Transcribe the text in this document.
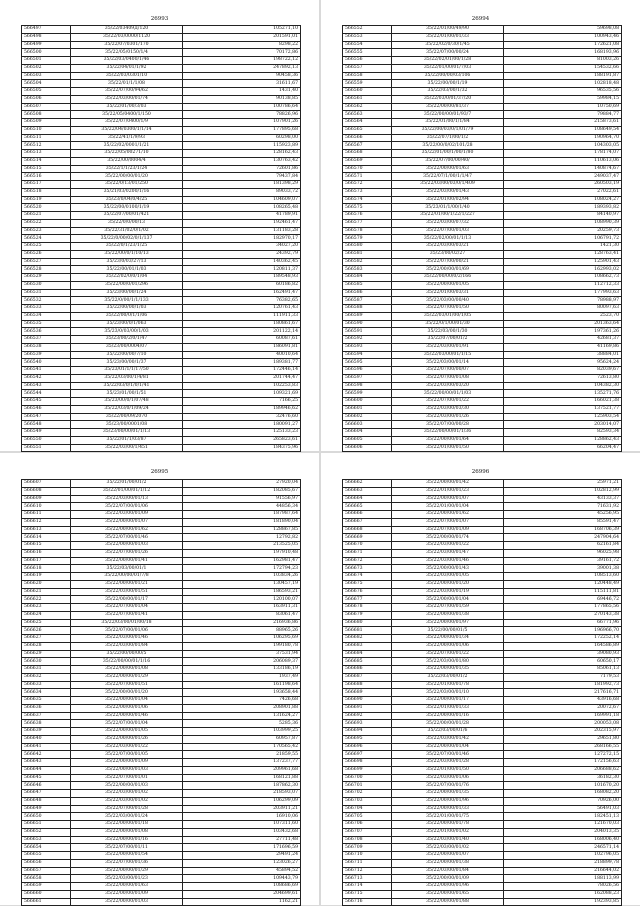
26993
566497	35/22/03409Д/120	105271,10
566498	35/22/03/0000/1120	201591,01
566499	35/22/07/0301/170	8298,22
566500	35/22/05/0150/1/4	70172,86
566501	35/22/03/0400/1/46	198722,12
566502	35/22/04/01/1/92	247892,13
566503	35/22/03/0301/10	90458,36
566504	35/22/01/1/1/08	31611,67
566505	35/22/07/00/94/62	1431,40
566506	35/22/03/00/01/74	90138,85
566507	35/22/01/00/3/03	100786,64
566508	35/22/05/0400/1/150	78826,96
566509	35/22/07/0400/1/9	107901,26
566510	35/22/04/0300/1/1/14	177895,68
566511	35/22/41/1/9/93	60298,00
566512	35/22/02/0001/1/21	115923,89
566513	35/22/05/00271/10	128162,43
566514	35/22/00/0004/4	130763,42
566515	35/22/1/1/23/1/24	72601,86
566516	35/22/00/00/01/20	79437,84
566517	35/22/0/13/01/250	181398,29
566518	35/21/03/0200/1/16	89033,72
566519	35/23/0/04/0/4/25	104609,07
566520	35/22/00/0100/1/19	108265,48
566521	35/22/07/00/01/421	41789,91
566522	35/22/0/0/00/13	192461,47
566523	35/22/31/02/0/1/02	131183,28
566524	35/22/0/00/02/0/1/137	182970,17
566525	35/22/0/1/23/1/25	34027,20
566526	35/22/00/0/1/10/13	24392,79
566527	35/23/0/03/27/13	140362,45
566528	35/22/00/01/1/03	120811,37
566529	35/22/02/0/0/1/04	189548,93
566530	35/22/00/0/01/296	60186,82
566531	35/23/00/00/1/24	162491,47
566532	35/22/0/00/1/1/133	76382,65
566533	35/22/00/00/1/03	120761,43
566534	35/22/00/0/1/1/06	111911,33
566535	35/23/00/0/1/063	180861,67
566536	35/23/0/03/00/1/03	201122,14
566537	35/23/00/2/0/1/47	60087,61
566538	35/23/00/0004/07	186091,81
566539	35/22/00/00/7/10	40010,64
566540	35/23/00/00/1/37	189381,77
566541	35/23/01/1/1/17/50	172446,14
566542	35/22/03/00/1/4/81	201744,47
566543	35/22/03/0/1/0/1/41	102253,83
566544	35/23/01/00/1/51	109321,69
566545	35/23/00/0/1/07/48	7166,25
566546	35/22/03/0/1/09/24	189946,62
566547	35/22/00/09/2070	32476,60
566548	35/23/00/0001/08	180091,27
566549	35/23/00/00/01/1/13	125133,23
566550	35/22/01/1/03/87	265823,61
566551	35/22/03/00/1/451	184375,96
26994
566552	35/22/01/00/49/90	59698,08
566553	35/22/01/00/01/33	100943,46
566554	35/22/02/0/30/1/45	172621,08
566555	35/22/07/00/00/24	168193,96
566556	35/22/02/01/00/1/28	81003,26
566557	35/22/01/00/01/7/03	154532,66
566558	35/22/00/00/03/106	188191,87
566559	35/22/00/00/1/19	102818,48
566560	35/22/03/00/1/32	96535,56
566561	35/22/03/0/01/37/20	59984,15
566562	35/22/00/00/81/37	10750,69
566563	35/22/00/00/01/93/7	79884,77
566564	35/22/01/00/1/1/84	215873,61
566565	35/22/00/03/0/1/01/79	108649,54
566566	35/22/07/1/00/1/2	190964,70
566567	35/22/00/0/02/101/28	104303,05
566568	35/22/01/00/1/00/1/80	178174,07
566569	35/22/07/00/00/40/	110613,06
566570	35/22/00/00/01/63	140874,67
566571	35/22/07/1/00/1/1/47	249037,47
566572	35/22/03/00/03/0/1/409	260503,19
566573	35/22/03/00/01/43	27022,61
566574	35/22/01/00/02/94	108024,27
566575	35/23/01/1/00/1/40	189393,82
566576	35/22/01/00/1/22/1/227	84140,97
566577	35/22/03/00/07/32	108990,39
566578	35/22/07/00/01/03	20259,73
566579	35/22/02/00/01/1/13	106791,72
566580	35/22/03/00/03/21	1421,30
566581	35/23/00/02/27	128763,41
566582	35/22/07/00/00/21	125901,43
566583	35/22/00/00/01/69	162993,02
566584	35/22/00/00/0/2/166	108662,73
566585	35/22/00/00/01/05	112712,33
566586	35/22/01/00/03/31	177993,63
566587	35/22/03/00/00/40	78988,97
566588	35/22/07/00/01/50	80097,63
566589	35/22/03/01/00/1/05	2523,70
566590	35/22/0/1/00/01/30	201363,64
566591	35/22/03/00/1/30	197361,26
566592	35/22/07/00/01/2	42681,37
566593	35/22/03/00/01/91	41169,86
566594	35/22/03/00/01/1/15	38884,01
566595	35/22/03/00/01/14	95624,24
566596	35/22/07/00/00/07	82039,67
566597	35/22/07/00/01/08	72613,80
566598	35/22/03/00/03/20	104382,30
566599	35/22/00/00/01/1/03	135271,76
566600	35/22/07/00/01/22	166021,38
566601	35/22/03/00/03/30	137521,77
566602	35/22/03/00/01/26	125903,54
566603	35/22/07/00/00/28	203014,07
566604	35/22/00/00/01/1/36	82593,34
566605	35/22/00/00/01/64	128862,43
566606	35/22/01/00/01/50	66204,47
26995
566607	35/22/01/00/01/2	27920,04
566608	35/22/01/00/01/1/12	182085,67
566609	35/22/03/00/01/13	91556,97
566610	35/22/07/00/01/06	44856,34
566611	35/22/03/00/01/09	187987,64
566612	35/22/00/00/01/07	181890,04
566613	35/22/00/00/01/62	128867,85
566614	35/22/07/00/01/46	12792,82
566615	35/22/00/00/01/03	213525,05
566616	35/22/07/00/01/26	197910,48
566617	35/22/00/00/01/41	162981,47
566618	35/22/03/00/01/1	172794,23
566619	35/22/00/00/01/7/8	103834,26
566620	35/22/00/00/01/21	130457,19
566621	35/22/03/00/01/51	186593,21
566622	35/22/00/00/01/17	120100,07
566623	35/22/07/00/01/04	163911,31
566624	35/22/07/00/01/41	83061,47
566625	35/22/03/00/01/00/18	216936,86
566626	35/22/07/00/01/06	88965,26
566627	35/22/03/00/01/46	106295,69
566628	35/22/03/00/01/84	199180,78
566629	35/22/00/00/00/5	37531,94
566630	35/22/00/00/01/1/16	206089,37
566631	35/22/00/00/01/08	133186,19
566632	35/22/00/00/01/29	1937,49
566633	35/22/07/00/01/51	161198,64
566634	35/22/00/00/01/20	193658,44
566635	35/22/00/00/01/04	7426,68
566636	35/22/00/00/01/06	208901,88
566637	35/22/00/00/01/46	131624,27
566638	35/22/07/00/01/04	5285,36
566639	35/22/00/00/01/05	103999,25
566640	35/22/00/00/01/26	60957,87
566641	35/22/03/00/01/22	170565,42
566642	35/22/07/00/01/05	21859,55
566643	35/22/00/00/01/09	137237,77
566644	35/22/00/00/01/03	209961,68
566645	35/22/07/00/01/01	168121,88
566646	35/22/00/00/01/03	187862,30
566647	35/22/03/00/01/02	218593,07
566648	35/22/03/00/01/02	106299,09
566649	35/22/07/00/01/28	203911,21
566650	35/22/03/00/01/24	16910,06
566651	35/22/00/00/01/18	107311,60
566652	35/22/00/00/01/08	103432,68
566653	35/22/00/00/01/16	27711,48
566654	35/22/07/00/01/11	171696,59
566655	35/22/00/00/01/54	29491,24
566656	35/22/07/00/01/36	123026,27
566657	35/22/00/00/01/29	45894,52
566658	35/22/03/00/01/23	109443,79
566659	35/22/00/00/01/63	108686,69
566660	35/22/00/00/01/09	204699,61
566661	35/22/00/00/01/03	1162,21
26996
566662	35/22/00/00/01/42	25971,21
566663	35/22/01/00/01/23	102812,99
566664	35/22/00/00/01/07	43133,37
566665	35/22/01/00/01/04	71631,92
566666	35/22/00/00/01/62	45256,95
566667	35/22/07/00/01/07	85591,47
566668	35/22/07/00/01/09	168706,39
566669	35/22/00/00/01/74	247904,64
566670	35/22/03/00/01/22	62161,84
566671	35/22/03/00/01/47	96025,98
566672	35/22/03/00/01/46	39161,72
566673	35/22/00/00/01/43	39001,38
566674	35/22/03/00/01/05	108513,60
566675	35/22/00/00/01/20	120448,49
566676	35/22/03/00/01/19	115111,81
566677	35/22/00/00/01/04	69446,72
566678	35/22/07/00/01/59	177865,56
566679	35/22/00/00/01/38	270143,38
566680	35/22/00/00/01/97	66771,96
566681	35/22/00/00/01/5	196966,70
566682	35/22/00/00/01/34	172252,14
566683	35/22/00/00/01/06	164586,89
566684	35/22/07/00/01/22	39080,93
566685	35/22/03/00/01/80	60650,17
566686	35/22/00/00/01/35	85061,13
566687	35/22/03/00/01/2	7179,53
566688	35/22/01/00/01/78	181992,73
566689	35/22/03/00/01/10	217616,71
566690	35/22/00/00/01/17	43916,68
566691	35/22/01/00/01/33	20072,67
566692	35/22/00/00/01/16	169991,18
566693	35/22/00/00/01/28	200053,08
566694	35/22/03/00/01/6	202315,97
566695	35/22/03/00/01/42	29651,80
566696	35/22/00/00/01/04	268166,55
566697	35/22/07/00/01/46	127272,15
566698	35/22/03/00/01/28	172156,63
566699	35/22/01/00/01/50	206688,62
566700	35/22/03/00/01/06	36182,30
566701	35/22/07/00/01/76	101670,20
566702	35/22/00/00/01/35	168082,20
566703	35/22/00/00/01/96	70926,00
566704	35/22/00/00/01/33	56491,03
566705	35/22/01/00/01/75	182451,13
566706	35/22/00/00/01/78	121670,03
566707	35/22/01/00/01/02	204013,35
566708	35/22/03/00/01/40	168006,40
566709	35/22/03/00/01/02	246571,14
566710	35/22/00/00/01/07	102796,05
566711	35/22/00/00/01/38	218899,78
566712	35/22/03/00/01/84	216644,02
566713	35/22/00/00/01/09	188113,99
566714	35/22/00/00/01/96	78026,56
566715	35/22/00/00/01/65	162088,23
566716	35/22/00/00/01/88	192393,85
